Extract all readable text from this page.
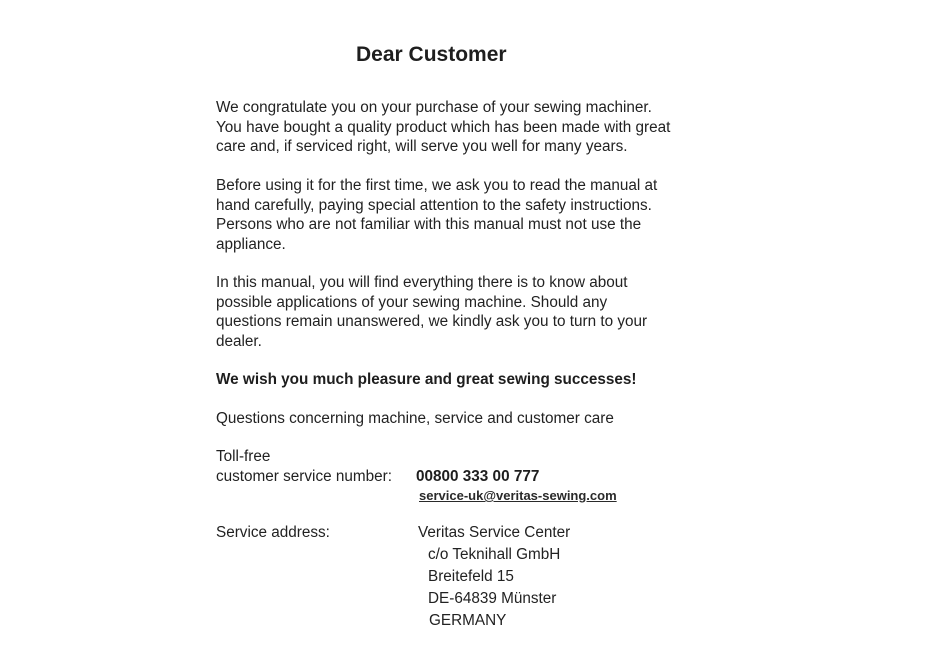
Dear Customer
We congratulate you on your purchase of your sewing machiner.
You have bought a quality product which has been made with great
care and, if serviced right, will serve you well for many years.
Before using it for the first time, we ask you to read the manual at
hand carefully, paying special attention to the safety instructions.
Persons who are not familiar with this manual must not use the
appliance.
In this manual, you will find everything there is to know about
possible applications of your sewing machine. Should any
questions remain unanswered, we kindly ask you to turn to your
dealer.
We wish you much pleasure and great sewing successes!
Questions concerning machine, service and customer care
Toll-free
customer service number: 00800 333 00 777
service-uk@veritas-sewing.com
Service address:	Veritas Service Center
c/o Teknihall GmbH
Breitefeld 15
DE-64839 Münster
GERMANY
